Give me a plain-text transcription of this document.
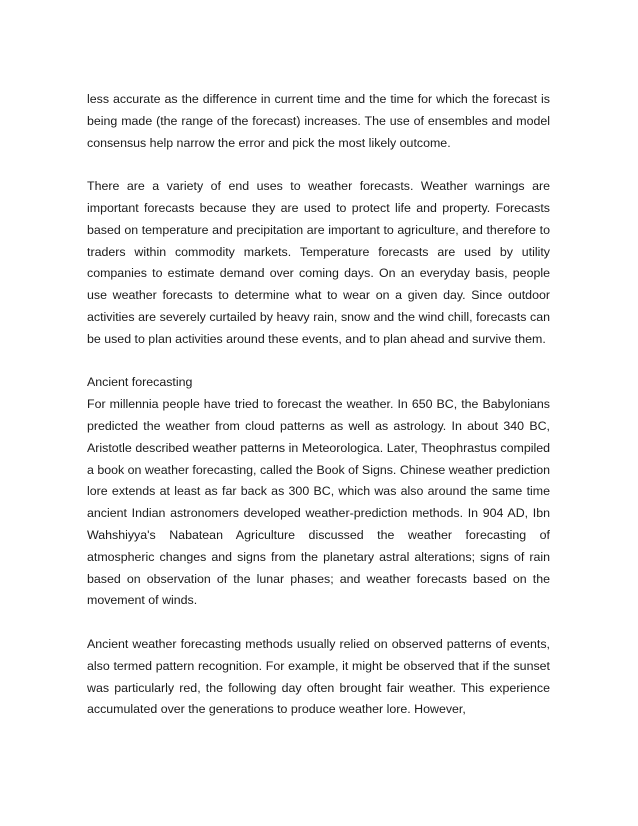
less accurate as the difference in current time and the time for which the forecast is being made (the range of the forecast) increases. The use of ensembles and model consensus help narrow the error and pick the most likely outcome.

There are a variety of end uses to weather forecasts. Weather warnings are important forecasts because they are used to protect life and property. Forecasts based on temperature and precipitation are important to agriculture, and therefore to traders within commodity markets. Temperature forecasts are used by utility companies to estimate demand over coming days. On an everyday basis, people use weather forecasts to determine what to wear on a given day. Since outdoor activities are severely curtailed by heavy rain, snow and the wind chill, forecasts can be used to plan activities around these events, and to plan ahead and survive them.

Ancient forecasting

For millennia people have tried to forecast the weather. In 650 BC, the Babylonians predicted the weather from cloud patterns as well as astrology. In about 340 BC, Aristotle described weather patterns in Meteorologica. Later, Theophrastus compiled a book on weather forecasting, called the Book of Signs. Chinese weather prediction lore extends at least as far back as 300 BC, which was also around the same time ancient Indian astronomers developed weather-prediction methods. In 904 AD, Ibn Wahshiyya's Nabatean Agriculture discussed the weather forecasting of atmospheric changes and signs from the planetary astral alterations; signs of rain based on observation of the lunar phases; and weather forecasts based on the movement of winds.

Ancient weather forecasting methods usually relied on observed patterns of events, also termed pattern recognition. For example, it might be observed that if the sunset was particularly red, the following day often brought fair weather. This experience accumulated over the generations to produce weather lore. However,
